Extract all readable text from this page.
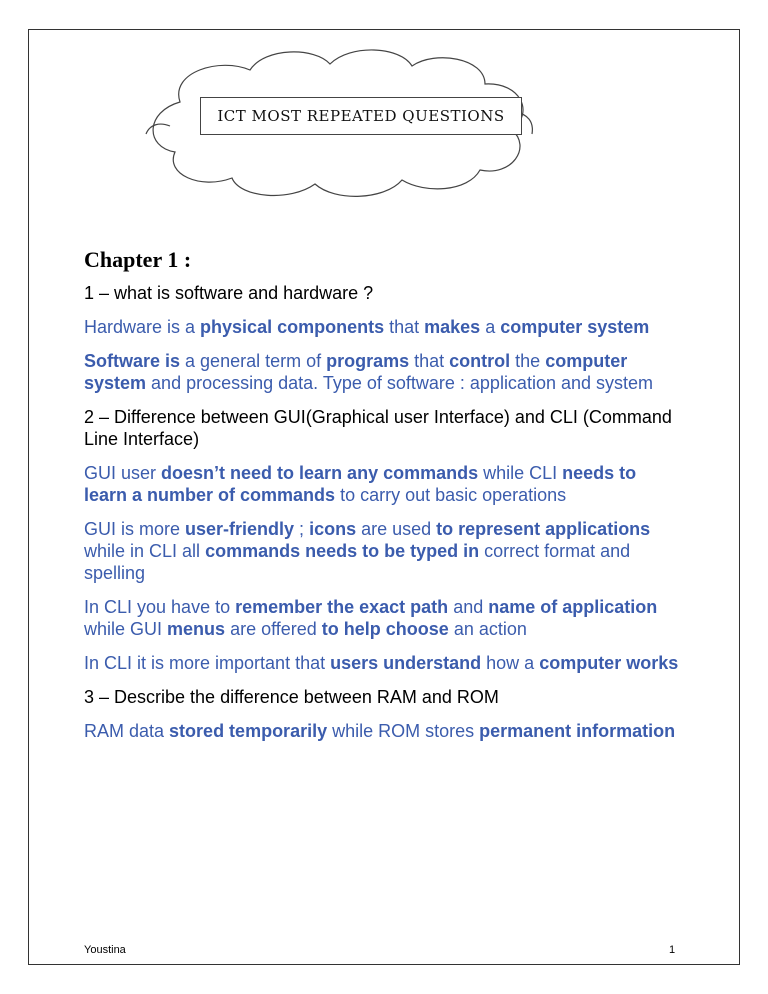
ICT MOST REPEATED QUESTIONS
Chapter 1 :
1 – what is software and hardware ?
Hardware is a physical components that makes a computer system
Software is a general term of programs that control the computer system and processing data. Type of software : application and system
2 – Difference between GUI(Graphical user Interface) and CLI (Command Line Interface)
GUI user doesn’t need to learn any commands while CLI needs to learn a number of commands to carry out basic operations
GUI is more user-friendly ; icons are used to represent applications while in CLI all commands needs to be typed in correct format and spelling
In CLI you have to remember the exact path and name of application while GUI menus are offered to help choose an action
In CLI it is more important that users understand how a computer works
3 – Describe the difference between RAM and ROM
RAM data stored temporarily while ROM stores permanent information
Youstina	1
